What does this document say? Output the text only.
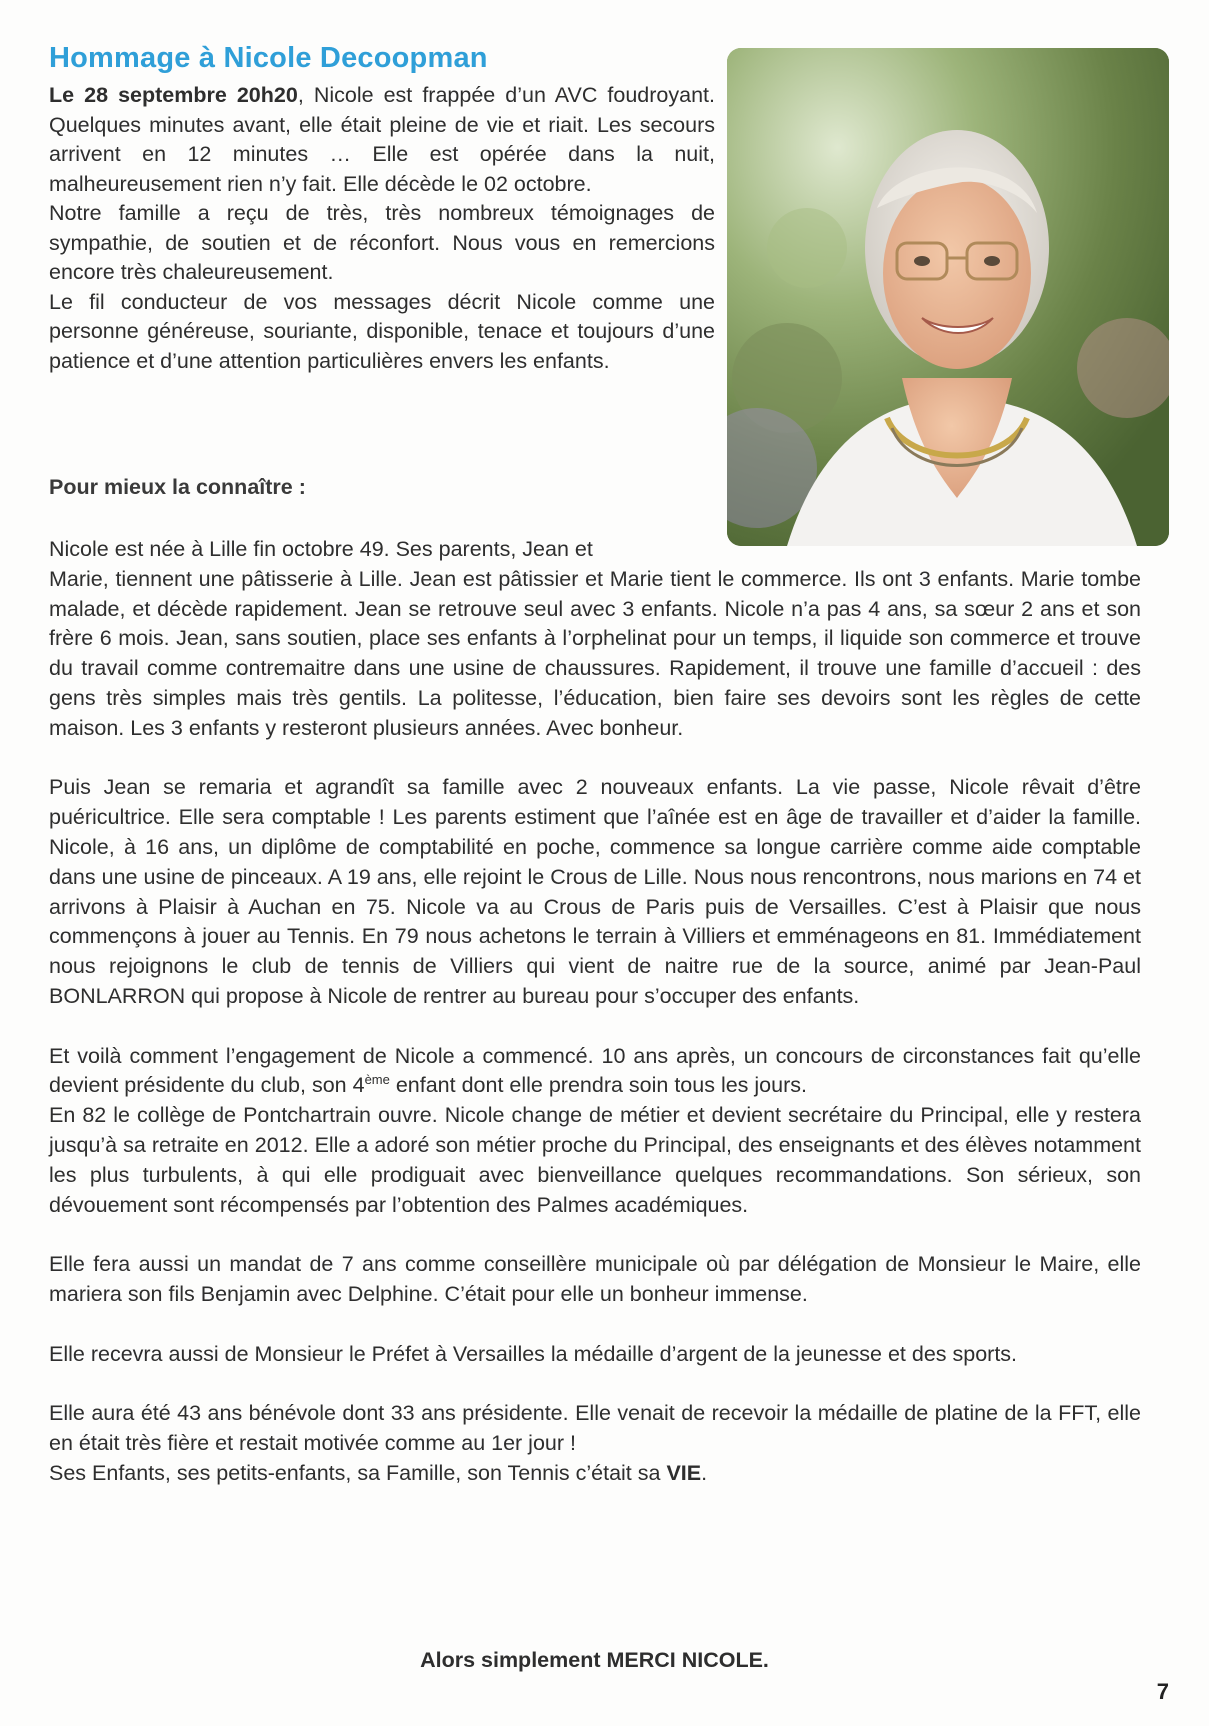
Hommage à Nicole Decoopman

Le 28 septembre 20h20, Nicole est frappée d’un AVC foudroyant. Quelques minutes avant, elle était pleine de vie et riait. Les secours arrivent en 12 minutes … Elle est opérée dans la nuit, malheureusement rien n’y fait. Elle décède le 02 octobre.

Notre famille a reçu de très, très nombreux témoignages de sympathie, de soutien et de réconfort. Nous vous en remercions encore très chaleureusement.

Le fil conducteur de vos messages décrit Nicole comme une personne généreuse, souriante, disponible, tenace et toujours d’une patience et d’une attention particulières envers les enfants.

Pour mieux la connaître :

Nicole est née à Lille fin octobre 49. Ses parents, Jean et

Marie, tiennent une pâtisserie à Lille. Jean est pâtissier et Marie tient le commerce. Ils ont 3 enfants. Marie tombe malade, et décède rapidement. Jean se retrouve seul avec 3 enfants. Nicole n’a pas 4 ans, sa sœur 2 ans et son frère 6 mois. Jean, sans soutien, place ses enfants à l’orphelinat pour un temps, il liquide son commerce et trouve du travail comme contremaitre dans une usine de chaussures. Rapidement, il trouve une famille d’accueil : des gens très simples mais très gentils. La politesse, l’éducation, bien faire ses devoirs sont les règles de cette maison. Les 3 enfants y resteront plusieurs années. Avec bonheur.

Puis Jean se remaria et agrandît sa famille avec 2 nouveaux enfants. La vie passe, Nicole rêvait d’être puéricultrice. Elle sera comptable ! Les parents estiment que l’aînée est en âge de travailler et d’aider la famille. Nicole, à 16 ans, un diplôme de comptabilité en poche, commence sa longue carrière comme aide comptable dans une usine de pinceaux. A 19 ans, elle rejoint le Crous de Lille. Nous nous rencontrons, nous marions en 74 et arrivons à Plaisir à Auchan en 75. Nicole va au Crous de Paris puis de Versailles. C’est à Plaisir que nous commençons à jouer au Tennis. En 79 nous achetons le terrain à Villiers et emménageons en 81. Immédiatement nous rejoignons le club de tennis de Villiers qui vient de naitre rue de la source, animé par Jean-Paul BONLARRON qui propose à Nicole de rentrer au bureau pour s’occuper des enfants.

Et voilà comment l’engagement de Nicole a commencé. 10 ans après, un concours de circonstances fait qu’elle devient présidente du club, son 4ème enfant dont elle prendra soin tous les jours.

En 82 le collège de Pontchartrain ouvre. Nicole change de métier et devient secrétaire du Principal, elle y restera jusqu’à sa retraite en 2012. Elle a adoré son métier proche du Principal, des enseignants et des élèves notamment les plus turbulents, à qui elle prodiguait avec bienveillance quelques recommandations. Son sérieux, son dévouement sont récompensés par l’obtention des Palmes académiques.

Elle fera aussi un mandat de 7 ans comme conseillère municipale où par délégation de Monsieur le Maire, elle mariera son fils Benjamin avec Delphine. C’était pour elle un bonheur immense.

Elle recevra aussi de Monsieur le Préfet à Versailles la médaille d’argent de la jeunesse et des sports.

Elle aura été 43 ans bénévole dont 33 ans présidente. Elle venait de recevoir la médaille de platine de la FFT, elle en était très fière et restait motivée comme au 1er jour !

Ses Enfants, ses petits-enfants, sa Famille, son Tennis c’était sa VIE.

Alors simplement MERCI NICOLE.
7
